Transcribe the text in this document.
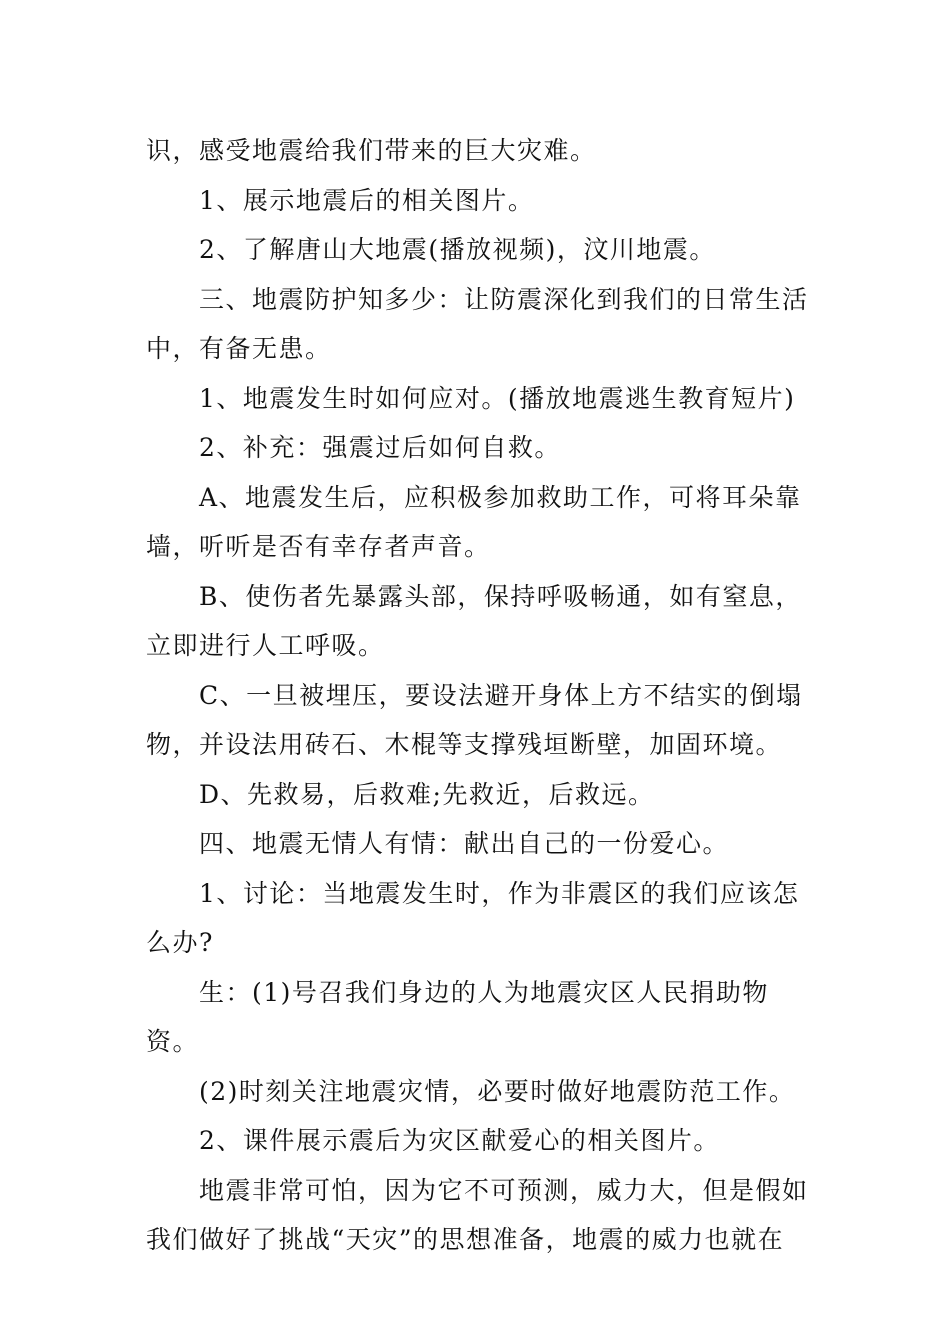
识，感受地震给我们带来的巨大灾难。

1、展示地震后的相关图片。

2、了解唐山大地震(播放视频)，汶川地震。

三、地震防护知多少：让防震深化到我们的日常生活中，有备无患。

1、地震发生时如何应对。(播放地震逃生教育短片)

2、补充：强震过后如何自救。

A、地震发生后，应积极参加救助工作，可将耳朵靠墙，听听是否有幸存者声音。

B、使伤者先暴露头部，保持呼吸畅通，如有窒息，立即进行人工呼吸。

C、一旦被埋压，要设法避开身体上方不结实的倒塌物，并设法用砖石、木棍等支撑残垣断壁，加固环境。

D、先救易，后救难;先救近，后救远。

四、地震无情人有情：献出自己的一份爱心。

1、讨论：当地震发生时，作为非震区的我们应该怎么办?

生：(1)号召我们身边的人为地震灾区人民捐助物资。

(2)时刻关注地震灾情，必要时做好地震防范工作。

2、课件展示震后为灾区献爱心的相关图片。

地震非常可怕，因为它不可预测，威力大，但是假如我们做好了挑战“天灾”的思想准备，地震的威力也就在
